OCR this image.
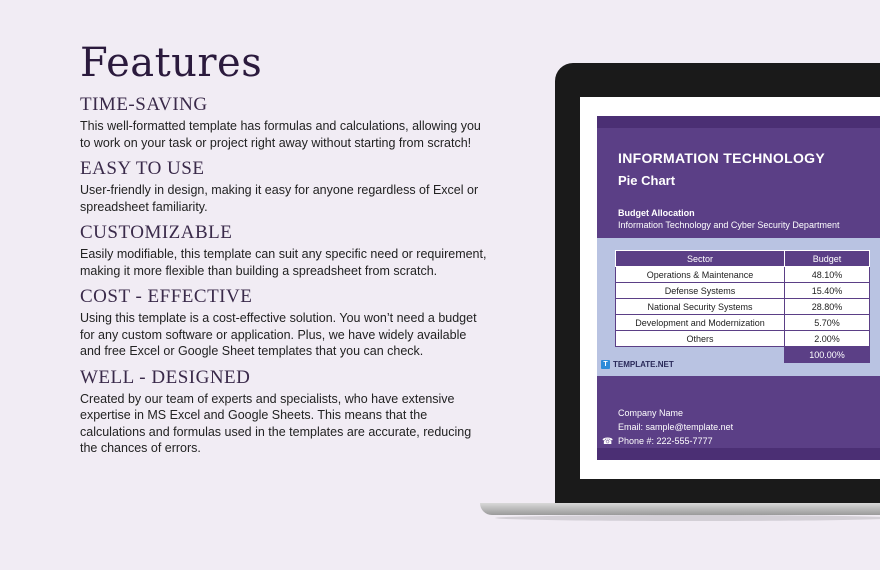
Features
TIME-SAVING

This well-formatted template has formulas and calculations, allowing you to work on your task or project right away without starting from scratch!

EASY TO USE

User-friendly in design, making it easy for anyone regardless of Excel or spreadsheet familiarity.

CUSTOMIZABLE

Easily modifiable, this template can suit any specific need or requirement, making it more flexible than building a spreadsheet from scratch.

COST - EFFECTIVE

Using this template is a cost-effective solution. You won’t need a budget for any custom software or application. Plus, we have widely available and free Excel or Google Sheet templates that you can check.

WELL - DESIGNED

Created by our team of experts and specialists, who have extensive expertise in MS Excel and Google Sheets. This means that the calculations and formulas used in the templates are accurate, reducing the chances of errors.

INFORMATION TECHNOLOGY
Pie Chart
Budget Allocation
Information Technology and Cyber Security Department
Sector	Budget
Operations & Maintenance	48.10%
Defense Systems	15.40%
National Security Systems	28.80%
Development and Modernization	5.70%
Others	2.00%
	100.00%
T TEMPLATE.NET
Company Name
Email: sample@template.net
☎ Phone #: 222-555-7777
